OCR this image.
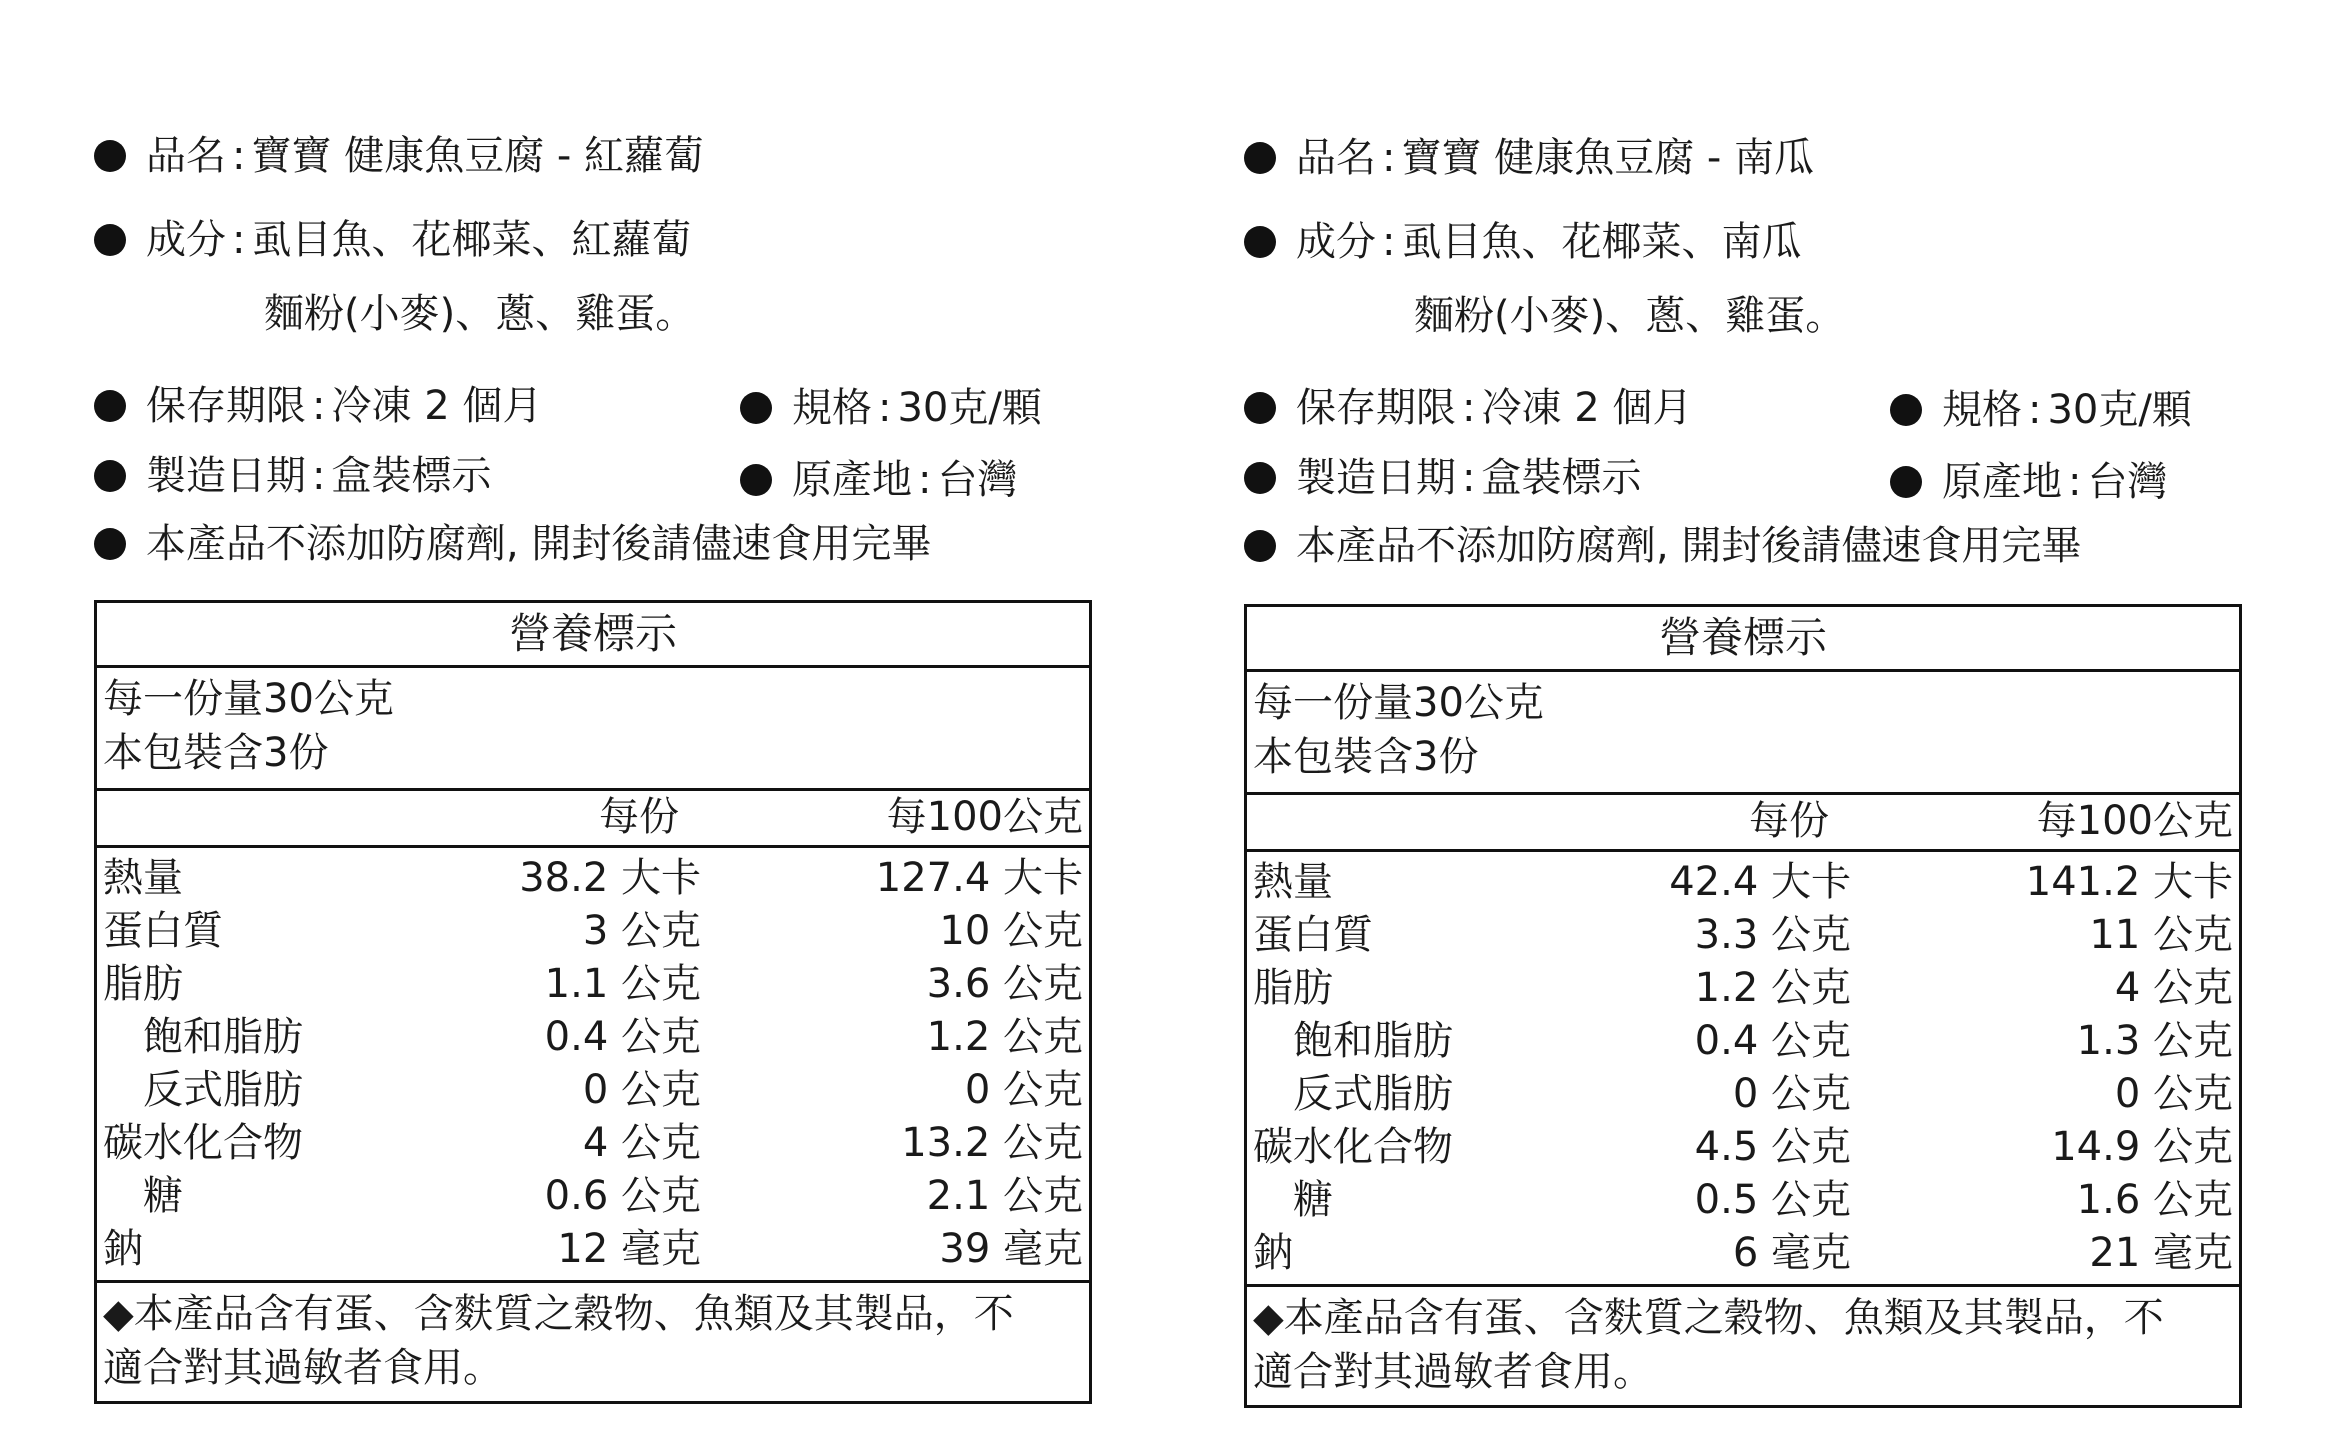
品名 : 寶寶 健康魚豆腐 - 紅蘿蔔
成分 : 虱目魚、花椰菜、紅蘿蔔
麵粉(小麥)、蔥、雞蛋。
保存期限 : 冷凍 2 個月	規格 : 30克/顆
製造日期 : 盒裝標示	原產地 : 台灣
本產品不添加防腐劑, 開封後請儘速食用完畢
營養標示
每一份量30公克
本包裝含3份
每份	每100公克
熱量	38.2 大卡	127.4 大卡
蛋白質	3 公克	10 公克
脂肪	1.1 公克	3.6 公克
飽和脂肪	0.4 公克	1.2 公克
反式脂肪	0 公克	0 公克
碳水化合物	4 公克	13.2 公克
糖	0.6 公克	2.1 公克
鈉	12 毫克	39 毫克
◆本產品含有蛋、含麩質之穀物、魚類及其製品，不
適合對其過敏者食用。
品名 : 寶寶 健康魚豆腐 - 南瓜
成分 : 虱目魚、花椰菜、南瓜
麵粉(小麥)、蔥、雞蛋。
保存期限 : 冷凍 2 個月	規格 : 30克/顆
製造日期 : 盒裝標示	原產地 : 台灣
本產品不添加防腐劑, 開封後請儘速食用完畢
營養標示
每一份量30公克
本包裝含3份
每份	每100公克
熱量	42.4 大卡	141.2 大卡
蛋白質	3.3 公克	11 公克
脂肪	1.2 公克	4 公克
飽和脂肪	0.4 公克	1.3 公克
反式脂肪	0 公克	0 公克
碳水化合物	4.5 公克	14.9 公克
糖	0.5 公克	1.6 公克
鈉	6 毫克	21 毫克
◆本產品含有蛋、含麩質之穀物、魚類及其製品，不
適合對其過敏者食用。
